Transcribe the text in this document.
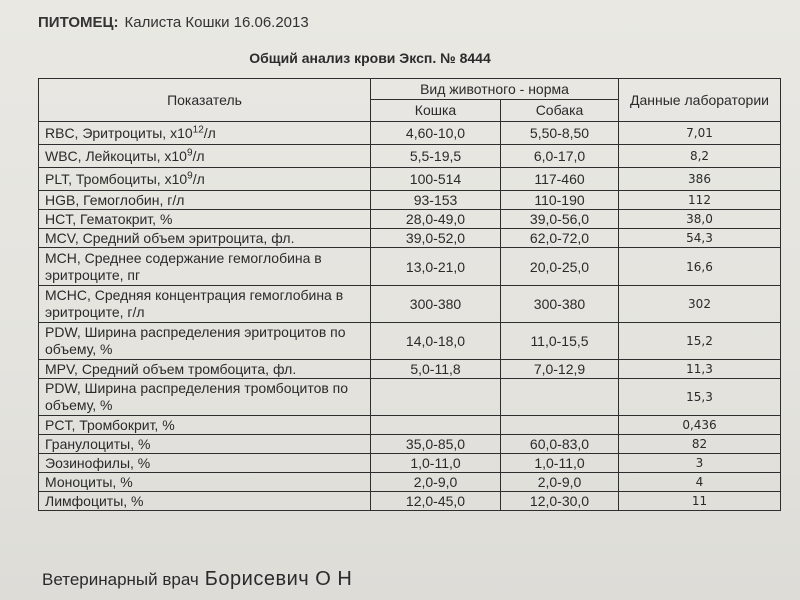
ПИТОМЕЦ: Калиста Кошки 16.06.2013
Общий анализ крови Эксп. № 8444
Показатель	Вид животного - норма		Данные лаборатории
	Кошка	Собака	
RBC, Эритроциты, $x10^{12}/л$	4,60-10,0	5,50-8,50	7,01
WBC, Лейкоциты, $x10^9/л$	5,5-19,5	6,0-17,0	8,2
PLT, Тромбоциты, $x10^9/л$	100-514	117-460	386
HGB, Гемоглобин, г/л	93-153	110-190	112
HCT, Гематокрит, %	28,0-49,0	39,0-56,0	38,0
MCV, Средний объем эритроцита, фл.	39,0-52,0	62,0-72,0	54,3
MCH, Среднее содержание гемоглобина в эритроците, пг	13,0-21,0	20,0-25,0	16,6
MCHC, Средняя концентрация гемоглобина в эритроците, г/л	300-380	300-380	302
PDW, Ширина распределения эритроцитов по объему, %	14,0-18,0	11,0-15,5	15,2
MPV, Средний объем тромбоцита, фл.	5,0-11,8	7,0-12,9	11,3
PDW, Ширина распределения тромбоцитов по объему, %			15,3
PCT, Тромбокрит, %			0,436
Гранулоциты, %	35,0-85,0	60,0-83,0	82
Эозинофилы, %	1,0-11,0	1,0-11,0	3
Моноциты, %	2,0-9,0	2,0-9,0	4
Лимфоциты, %	12,0-45,0	12,0-30,0	11
Ветеринарный врач Борисевич О Н
